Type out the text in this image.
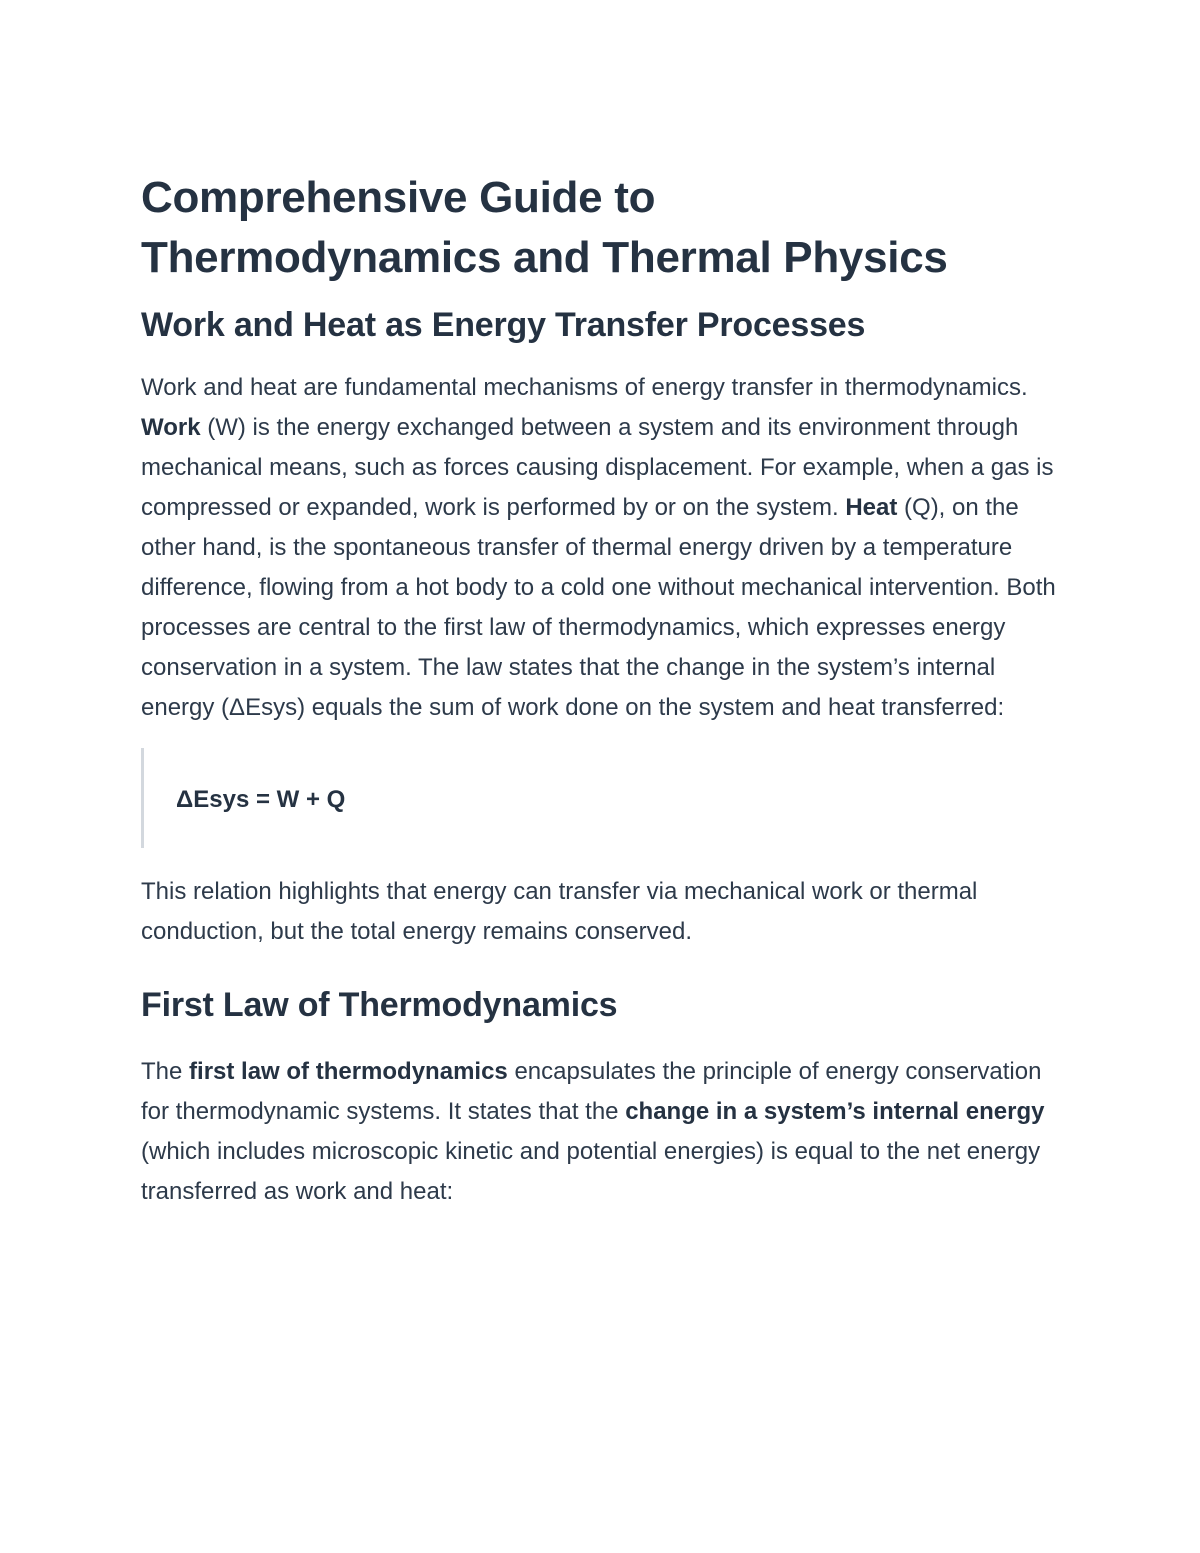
Comprehensive Guide to
Thermodynamics and Thermal Physics
Work and Heat as Energy Transfer Processes

Work and heat are fundamental mechanisms of energy transfer in thermodynamics. Work (W) is the energy exchanged between a system and its environment through mechanical means, such as forces causing displacement. For example, when a gas is compressed or expanded, work is performed by or on the system. Heat (Q), on the other hand, is the spontaneous transfer of thermal energy driven by a temperature difference, flowing from a hot body to a cold one without mechanical intervention. Both processes are central to the first law of thermodynamics, which expresses energy conservation in a system. The law states that the change in the system’s internal energy (ΔEsys) equals the sum of work done on the system and heat transferred:

ΔEsys = W + Q

This relation highlights that energy can transfer via mechanical work or thermal conduction, but the total energy remains conserved.

First Law of Thermodynamics

The first law of thermodynamics encapsulates the principle of energy conservation for thermodynamic systems. It states that the change in a system’s internal energy (which includes microscopic kinetic and potential energies) is equal to the net energy transferred as work and heat:
